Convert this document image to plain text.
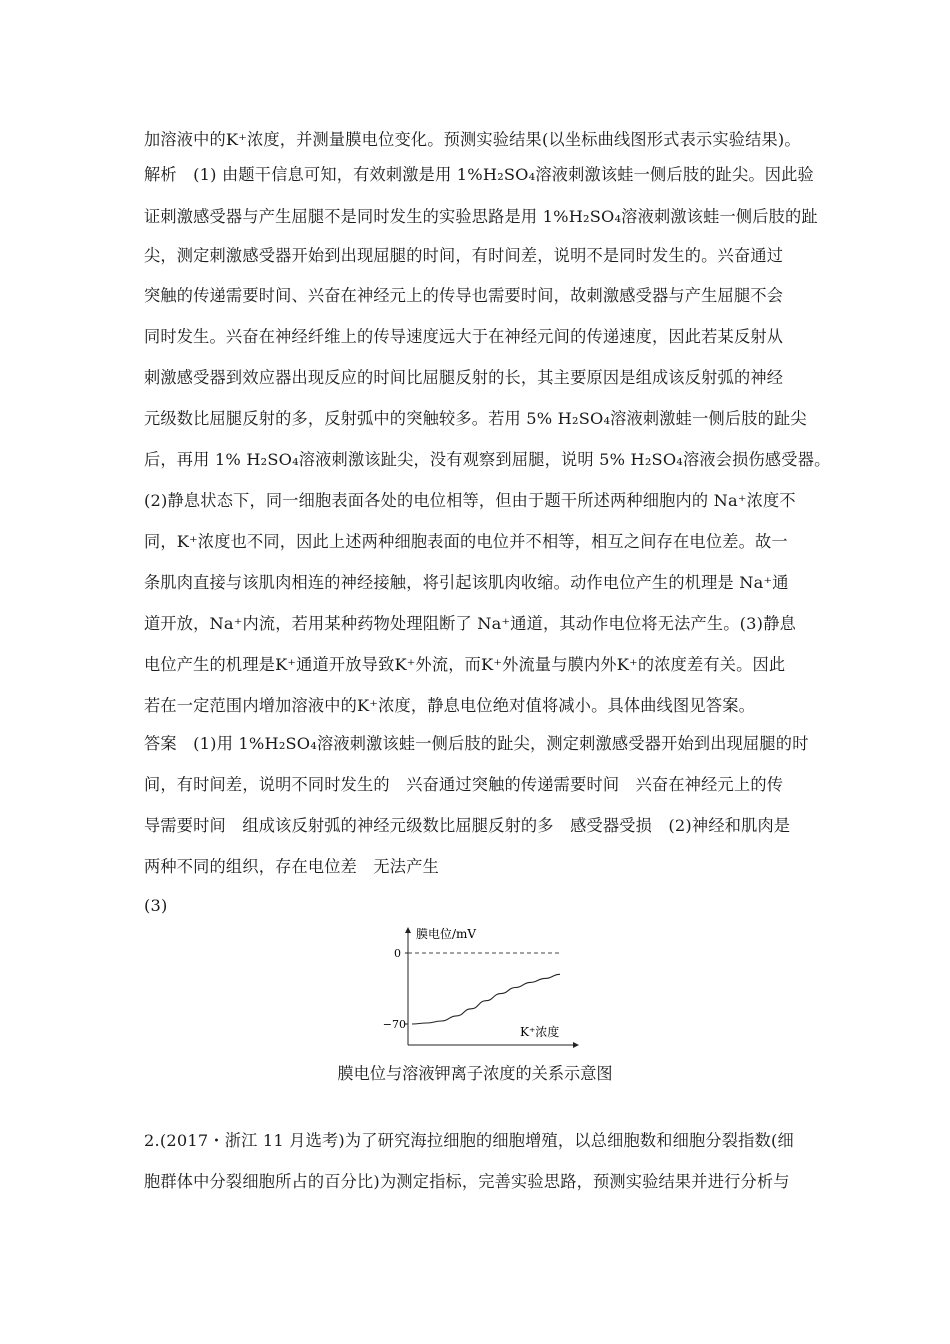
加溶液中的K⁺浓度，并测量膜电位变化。预测实验结果(以坐标曲线图形式表示实验结果)。
解析　(1) 由题干信息可知，有效刺激是用 1%H₂SO₄溶液刺激该蛙一侧后肢的趾尖。因此验
证刺激感受器与产生屈腿不是同时发生的实验思路是用 1%H₂SO₄溶液刺激该蛙一侧后肢的趾
尖，测定刺激感受器开始到出现屈腿的时间，有时间差，说明不是同时发生的。兴奋通过
突触的传递需要时间、兴奋在神经元上的传导也需要时间，故刺激感受器与产生屈腿不会
同时发生。兴奋在神经纤维上的传导速度远大于在神经元间的传递速度，因此若某反射从
刺激感受器到效应器出现反应的时间比屈腿反射的长，其主要原因是组成该反射弧的神经
元级数比屈腿反射的多，反射弧中的突触较多。若用 5% H₂SO₄溶液刺激蛙一侧后肢的趾尖
后，再用 1% H₂SO₄溶液刺激该趾尖，没有观察到屈腿，说明 5% H₂SO₄溶液会损伤感受器。
(2)静息状态下，同一细胞表面各处的电位相等，但由于题干所述两种细胞内的 Na⁺浓度不
同，K⁺浓度也不同，因此上述两种细胞表面的电位并不相等，相互之间存在电位差。故一
条肌肉直接与该肌肉相连的神经接触，将引起该肌肉收缩。动作电位产生的机理是 Na⁺通
道开放，Na⁺内流，若用某种药物处理阻断了 Na⁺通道，其动作电位将无法产生。(3)静息
电位产生的机理是K⁺通道开放导致K⁺外流，而K⁺外流量与膜内外K⁺的浓度差有关。因此
若在一定范围内增加溶液中的K⁺浓度，静息电位绝对值将减小。具体曲线图见答案。
答案　(1)用 1%H₂SO₄溶液刺激该蛙一侧后肢的趾尖，测定刺激感受器开始到出现屈腿的时
间，有时间差，说明不同时发生的　兴奋通过突触的传递需要时间　兴奋在神经元上的传
导需要时间　组成该反射弧的神经元级数比屈腿反射的多　感受器受损　(2)神经和肌肉是
两种不同的组织，存在电位差　无法产生
(3)
0
−70
膜电位/mV
K⁺浓度
膜电位与溶液钾离子浓度的关系示意图
2.(2017・浙江 11 月选考)为了研究海拉细胞的细胞增殖，以总细胞数和细胞分裂指数(细
胞群体中分裂细胞所占的百分比)为测定指标，完善实验思路，预测实验结果并进行分析与
